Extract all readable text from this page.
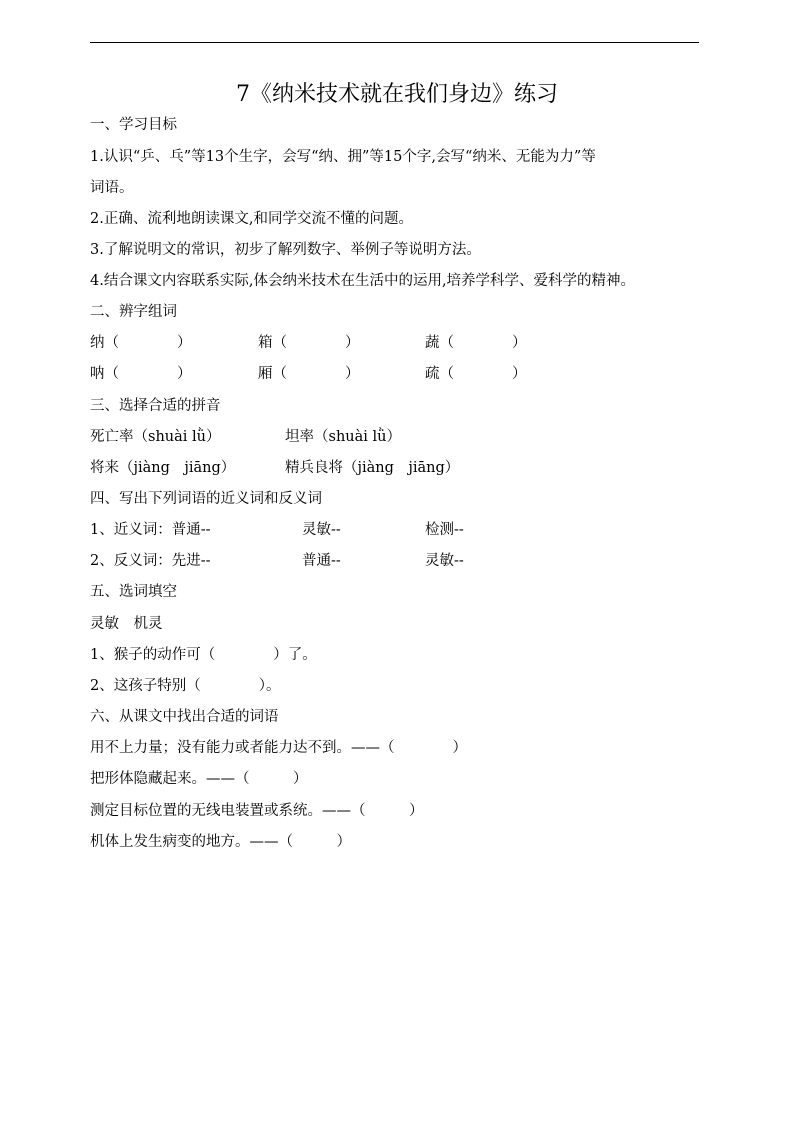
7《纳米技术就在我们身边》练习
一、学习目标
1.认识“乒、乓”等13个生字，会写“纳、拥”等15个字,会写“纳米、无能为力”等
词语。
2.正确、流利地朗读课文,和同学交流不懂的问题。
3.了解说明文的常识，初步了解列数字、举例子等说明方法。
4.结合课文内容联系实际,体会纳米技术在生活中的运用,培养学科学、爱科学的精神。
二、辨字组词
纳（　　　　）	箱（　　　　）	蔬（　　　　）
呐（　　　　）	厢（　　　　）	疏（　　　　）
三、选择合适的拼音
死亡率（shuài lǜ）	坦率（shuài lǜ）
将来（jiàng　jiāng）	精兵良将（jiàng　jiāng）
四、写出下列词语的近义词和反义词
1、近义词：普通--	灵敏--	检测--
2、反义词：先进--	普通--	灵敏--
五、选词填空
灵敏　机灵
1、猴子的动作可（　　　　）了。
2、这孩子特别（　　　　）。
六、从课文中找出合适的词语
用不上力量；没有能力或者能力达不到。——（　　　　）
把形体隐藏起来。——（　　　）
测定目标位置的无线电装置或系统。——（　　　）
机体上发生病变的地方。——（　　　）
